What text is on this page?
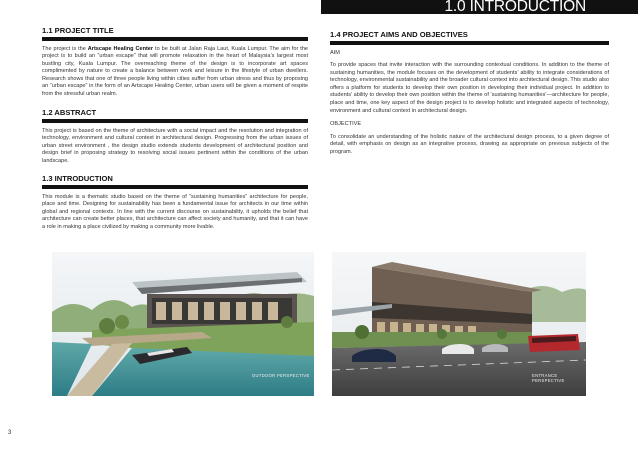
1.0 INTRODUCTION
1.1 PROJECT TITLE

The project is the Artscape Healing Center to be built at Jalan Raja Laut, Kuala Lumpur. The aim for the project is to build an “urban escape” that will promote relaxation in the heart of Malaysia’s largest most bustling city, Kuala Lumpur. The overreaching theme of the design is to incorporate art spaces complimented by nature to create a balance between work and leisure in the lifestyle of urban dwellers. Research shows that one of three people living within cities suffer from urban stress and thus by proposing an “urban escape” in the form of an Artscape Healing Center, urban users will be given a moment of respite from the stressful urban realm.

1.2 ABSTRACT

This project is based on the theme of architecture with a social impact and the resolution and integration of technology, environment and cultural context in architectural design. Progressing from the urban issues of urban street environment , the design studio extends students development of architectural position and design brief in proposing strategy to resolving social issues pertinent within the conditions of the urban landscape.

1.3 INTRODUCTION

This module is a thematic studio based on the theme of “sustaining humanities” architecture for people, place and time. Designing for sustainability has been a fundamental issue for architects in our time within global and regional contexts. In line with the current discourse on sustainability, it upholds the belief that architecture can create better places, that architecture can affect society and humanity, and that it can have a role in making a place civilized by making a community more livable.

1.4 PROJECT AIMS AND OBJECTIVES

AIM

To provide spaces that invite interaction with the surrounding contextual conditions. In addition to the theme of sustaining humanities, the module focuses on the development of students’ ability to integrate considerations of technology, environmental sustainability and the broader cultural context into architectural design. This studio also offers a platform for students to develop their own position in developing their individual project. In addition to students’ ability to develop their own position within the theme of ‘sustaining humanities’—architecture for people, place and time, one key aspect of the design project is to develop holistic and integrated aspects of technology, environment and cultural context in architectural design.

OBJECTIVE

To consolidate an understanding of the holistic nature of the architectural design process, to a given degree of detail, with emphasis on design as an integrative process, drawing as appropriate on previous subjects of the program.

OUTDOOR PERSPECTIVE	ENTRANCE PERSPECTIVE
3
